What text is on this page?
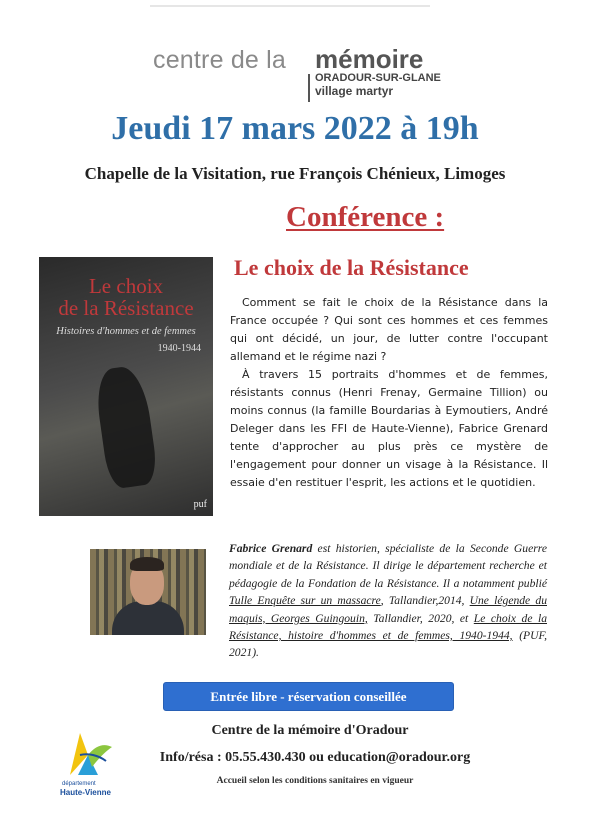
centre de la mémoire
ORADOUR-SUR-GLANE
village martyr
Jeudi 17 mars 2022 à 19h
Chapelle de la Visitation, rue François Chénieux, Limoges
Conférence :
Le choix de la Résistance
Le choix
de la Résistance
Histoires d'hommes et de femmes
1940-1944
puf

Comment se fait le choix de la Résistance dans la France occupée ? Qui sont ces hommes et ces femmes qui ont décidé, un jour, de lutter contre l'occupant allemand et le régime nazi ?

À travers 15 portraits d'hommes et de femmes, résistants connus (Henri Frenay, Germaine Tillion) ou moins connus (la famille Bourdarias à Eymoutiers, André Deleger dans les FFI de Haute-Vienne), Fabrice Grenard tente d'approcher au plus près ce mystère de l'engagement pour donner un visage à la Résistance. Il essaie d'en restituer l'esprit, les actions et le quotidien.

Fabrice Grenard est historien, spécialiste de la Seconde Guerre mondiale et de la Résistance. Il dirige le département recherche et pédagogie de la Fondation de la Résistance. Il a notamment publié Tulle Enquête sur un massacre, Tallandier,2014, Une légende du maquis, Georges Guingouin, Tallandier, 2020, et Le choix de la Résistance, histoire d'hommes et de femmes, 1940-1944, (PUF, 2021).
Entrée libre - réservation conseillée
département
Haute-Vienne
Centre de la mémoire d'Oradour
Info/résa : 05.55.430.430 ou education@oradour.org
Accueil selon les conditions sanitaires en vigueur
